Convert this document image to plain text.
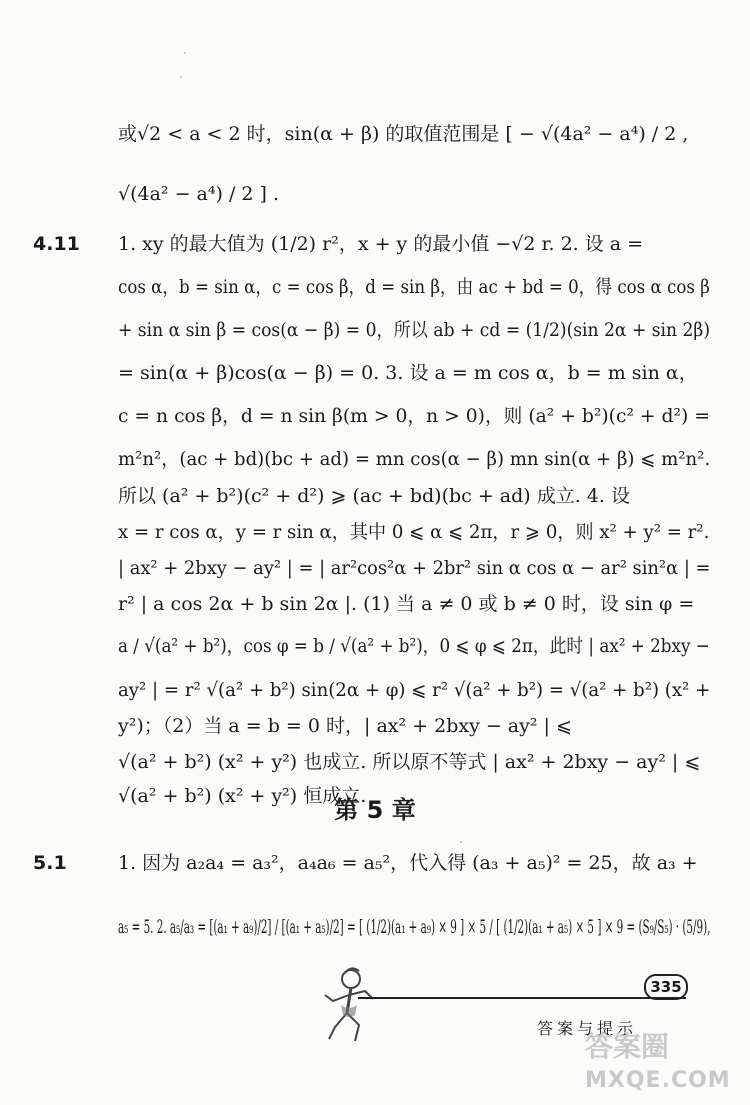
或√2 < a < 2 时，sin(α + β) 的取值范围是 [ − √(4a² − a⁴) / 2 ,
√(4a² − a⁴) / 2 ] .
1. xy 的最大值为 (1/2) r²，x + y 的最小值 −√2 r. 2. 设 a =
cos α，b = sin α，c = cos β，d = sin β，由 ac + bd = 0，得 cos α cos β
+ sin α sin β = cos(α − β) = 0，所以 ab + cd = (1/2)(sin 2α + sin 2β)
= sin(α + β)cos(α − β) = 0. 3. 设 a = m cos α，b = m sin α，
c = n cos β，d = n sin β(m > 0，n > 0)，则 (a² + b²)(c² + d²) =
m²n²，(ac + bd)(bc + ad) = mn cos(α − β) mn sin(α + β) ⩽ m²n².
所以 (a² + b²)(c² + d²) ⩾ (ac + bd)(bc + ad) 成立. 4. 设
x = r cos α，y = r sin α，其中 0 ⩽ α ⩽ 2π，r ⩾ 0，则 x² + y² = r².
| ax² + 2bxy − ay² | = | ar²cos²α + 2br² sin α cos α − ar² sin²α | =
r² | a cos 2α + b sin 2α |. (1) 当 a ≠ 0 或 b ≠ 0 时，设 sin φ =
a / √(a² + b²)，cos φ = b / √(a² + b²)，0 ⩽ φ ⩽ 2π，此时 | ax² + 2bxy −
ay² | = r² √(a² + b²) sin(2α + φ) ⩽ r² √(a² + b²) = √(a² + b²) (x² +
y²)；（2）当 a = b = 0 时，| ax² + 2bxy − ay² | ⩽
√(a² + b²) (x² + y²) 也成立. 所以原不等式 | ax² + 2bxy − ay² | ⩽
√(a² + b²) (x² + y²) 恒成立.
1. 因为 a₂a₄ = a₃²，a₄a₆ = a₅²，代入得 (a₃ + a₅)² = 25，故 a₃ +
a₅ = 5. 2. a₅/a₃ = [(a₁ + a₉)/2] / [(a₁ + a₅)/2] = [ (1/2)(a₁ + a₉) × 9 ] × 5 / [ (1/2)(a₁ + a₅) × 5 ] × 9 = (S₉/S₅) · (5/9),
4.11
第 5 章
5.1
335
答案与提示
答案圈
MXQE.COM
